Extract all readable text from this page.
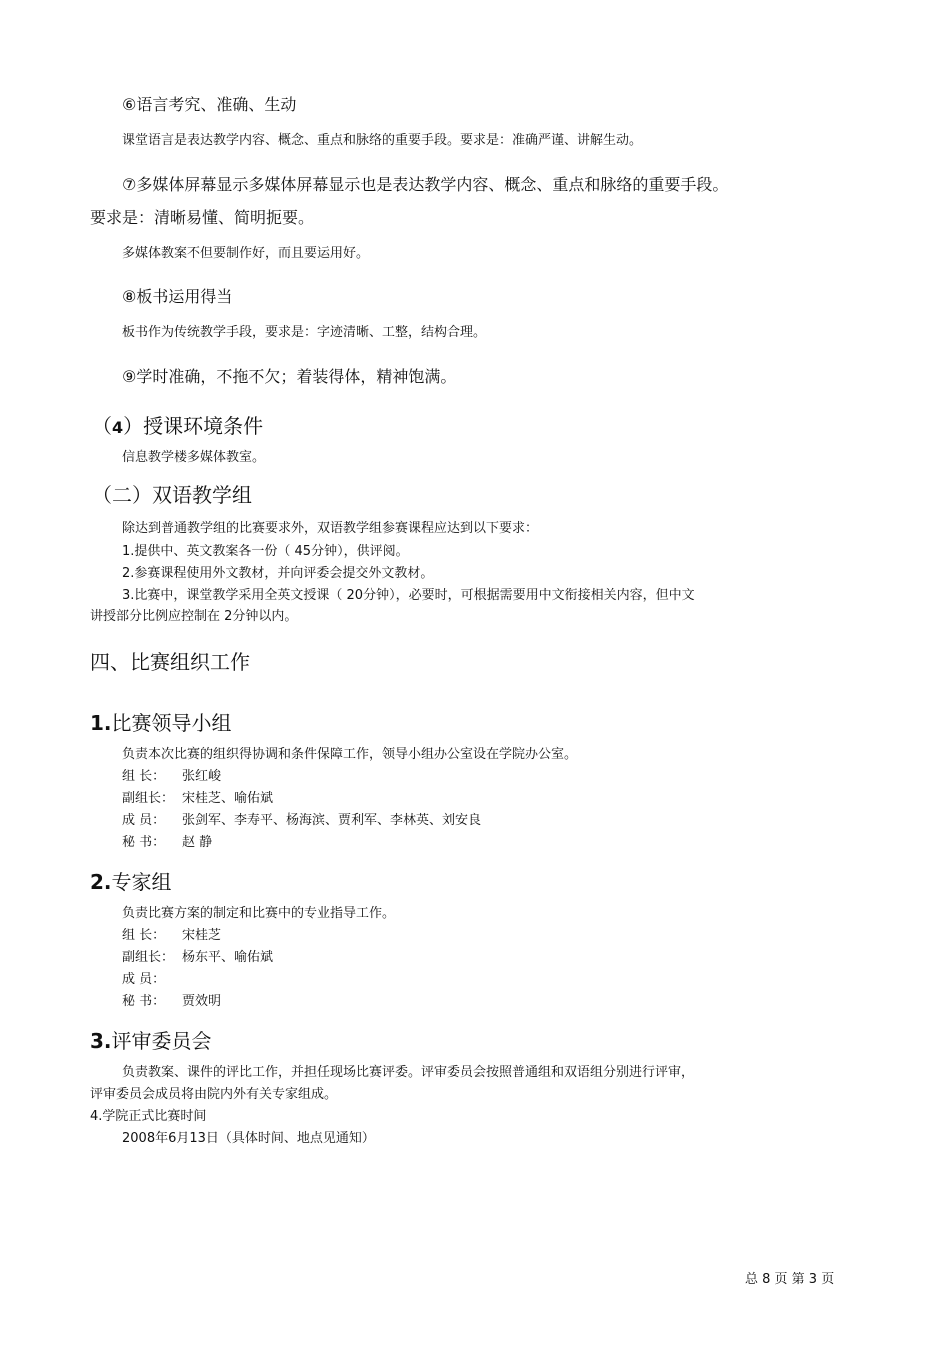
⑥语言考究、准确、生动
课堂语言是表达教学内容、概念、重点和脉络的重要手段。要求是：准确严谨、讲解生动。
⑦多媒体屏幕显示多媒体屏幕显示也是表达教学内容、概念、重点和脉络的重要手段。
要求是：清晰易懂、简明扼要。
多媒体教案不但要制作好，而且要运用好。
⑧板书运用得当
板书作为传统教学手段，要求是：字迹清晰、工整，结构合理。
⑨学时准确，不拖不欠；着装得体，精神饱满。
（4）授课环境条件
信息教学楼多媒体教室。
（二）双语教学组
除达到普通教学组的比赛要求外，双语教学组参赛课程应达到以下要求：
1.提供中、英文教案各一份（ 45分钟），供评阅。
2.参赛课程使用外文教材，并向评委会提交外文教材。
3.比赛中，课堂教学采用全英文授课（ 20分钟），必要时，可根据需要用中文衔接相关内容，但中文
讲授部分比例应控制在 2分钟以内。
四、比赛组织工作
1.比赛领导小组
负责本次比赛的组织得协调和条件保障工作，领导小组办公室设在学院办公室。
组 长： 张红峻
副组长： 宋桂芝、喻佑斌
成 员： 张剑军、李寿平、杨海滨、贾利军、李林英、刘安良
秘 书： 赵 静
2.专家组
负责比赛方案的制定和比赛中的专业指导工作。
组 长： 宋桂芝
副组长： 杨东平、喻佑斌
成 员：
秘 书： 贾效明
3.评审委员会
负责教案、课件的评比工作，并担任现场比赛评委。评审委员会按照普通组和双语组分别进行评审，
评审委员会成员将由院内外有关专家组成。
4.学院正式比赛时间
2008年6月13日（具体时间、地点见通知）
总 8 页 第 3 页
